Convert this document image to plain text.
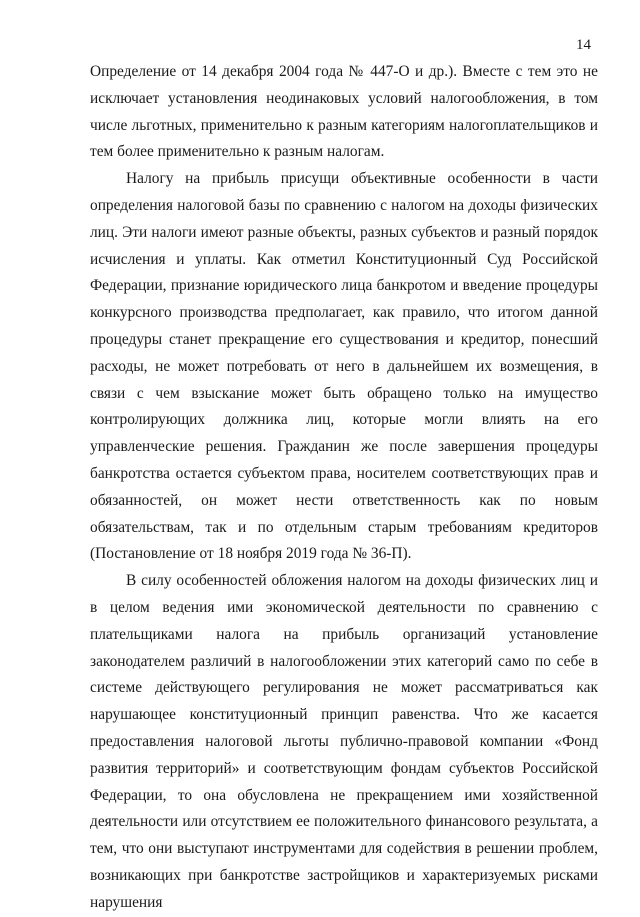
14

Определение от 14 декабря 2004 года № 447-О и др.). Вместе с тем это не исключает установления неодинаковых условий налогообложения, в том числе льготных, применительно к разным категориям налогоплательщиков и тем более применительно к разным налогам.

Налогу на прибыль присущи объективные особенности в части определения налоговой базы по сравнению с налогом на доходы физических лиц. Эти налоги имеют разные объекты, разных субъектов и разный порядок исчисления и уплаты. Как отметил Конституционный Суд Российской Федерации, признание юридического лица банкротом и введение процедуры конкурсного производства предполагает, как правило, что итогом данной процедуры станет прекращение его существования и кредитор, понесший расходы, не может потребовать от него в дальнейшем их возмещения, в связи с чем взыскание может быть обращено только на имущество контролирующих должника лиц, которые могли влиять на его управленческие решения. Гражданин же после завершения процедуры банкротства остается субъектом права, носителем соответствующих прав и обязанностей, он может нести ответственность как по новым обязательствам, так и по отдельным старым требованиям кредиторов (Постановление от 18 ноября 2019 года № 36-П).

В силу особенностей обложения налогом на доходы физических лиц и в целом ведения ими экономической деятельности по сравнению с плательщиками налога на прибыль организаций установление законодателем различий в налогообложении этих категорий само по себе в системе действующего регулирования не может рассматриваться как нарушающее конституционный принцип равенства. Что же касается предоставления налоговой льготы публично-правовой компании «Фонд развития территорий» и соответствующим фондам субъектов Российской Федерации, то она обусловлена не прекращением ими хозяйственной деятельности или отсутствием ее положительного финансового результата, а тем, что они выступают инструментами для содействия в решении проблем, возникающих при банкротстве застройщиков и характеризуемых рисками нарушения
